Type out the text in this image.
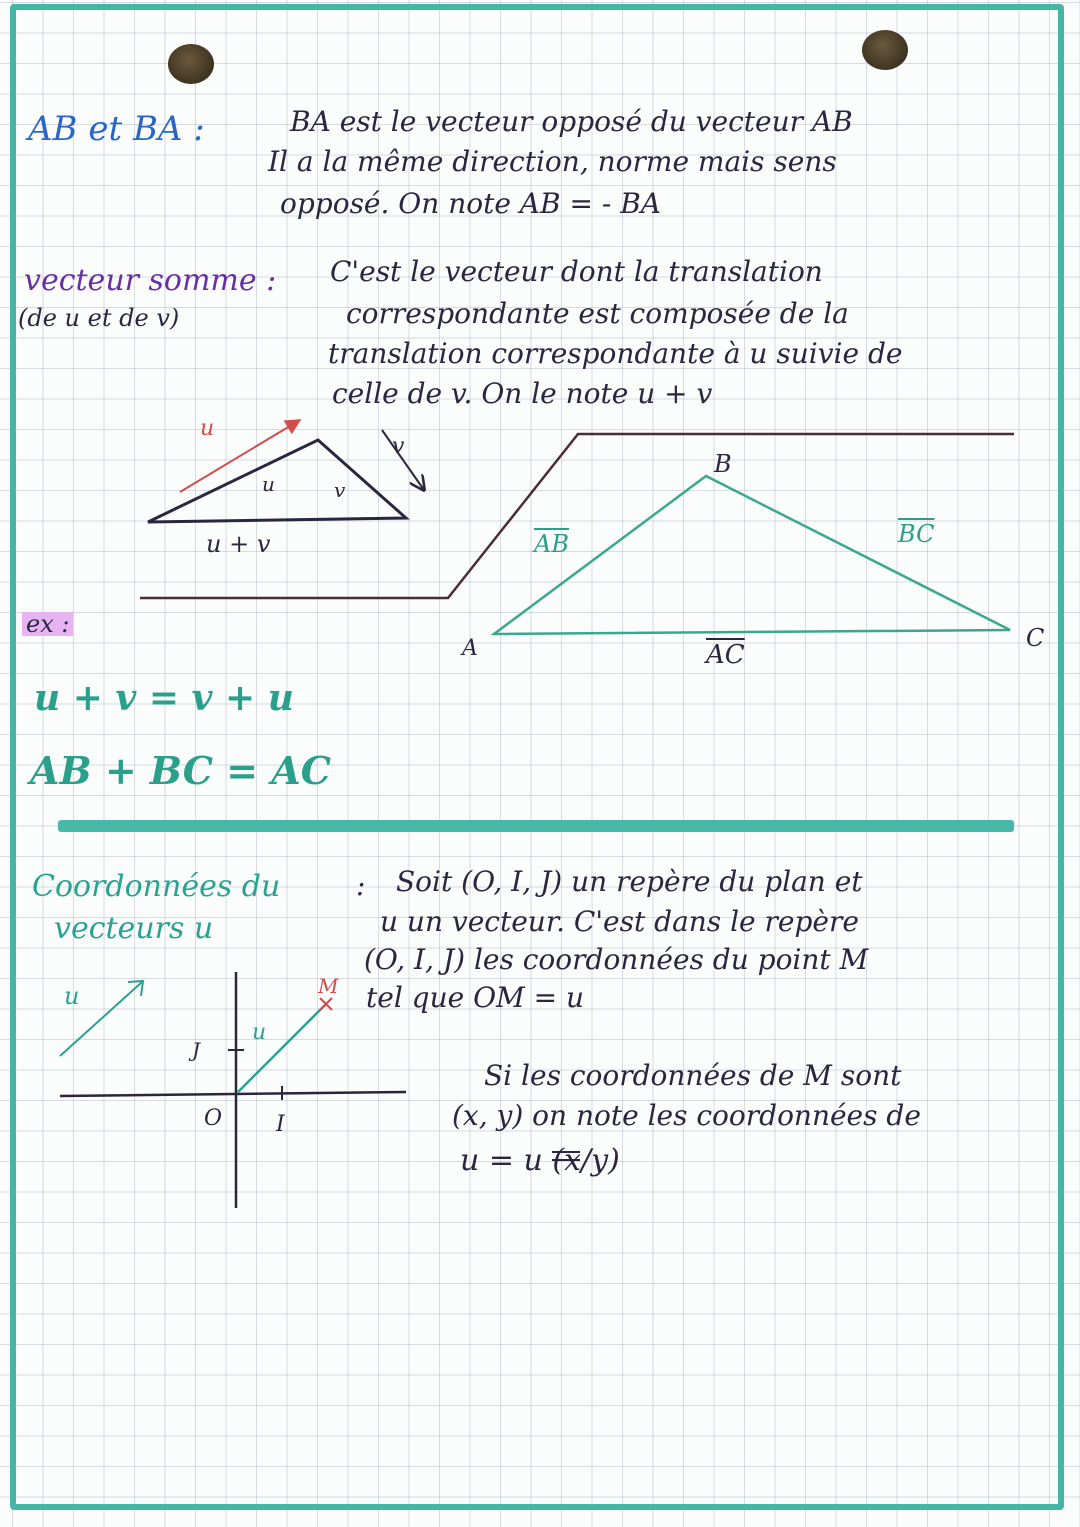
AB et BA :	BA est le vecteur opposé du vecteur AB
Il a la même direction, norme mais sens
opposé. On note AB = - BA
vecteur somme :
(de u et de v)
C'est le vecteur dont la translation
correspondante est composée de la
translation correspondante à u suivie de
celle de v. On le note u + v
u
u	v
v
u + v
A
B
C
$\overline{AB}$	$\overline{BC}$
$\overline{AC}$
ex :
u + v = v + u
AB + BC = AC
Coordonnées du
vecteurs u
: Soit (O, I, J) un repère du plan et
u un vecteur. C'est dans le repère
(O, I, J) les coordonnées du point M
tel que OM = u
Si les coordonnées de M sont
(x, y) on note les coordonnées de
u = u (x/y)
u
u
M
J
O I
